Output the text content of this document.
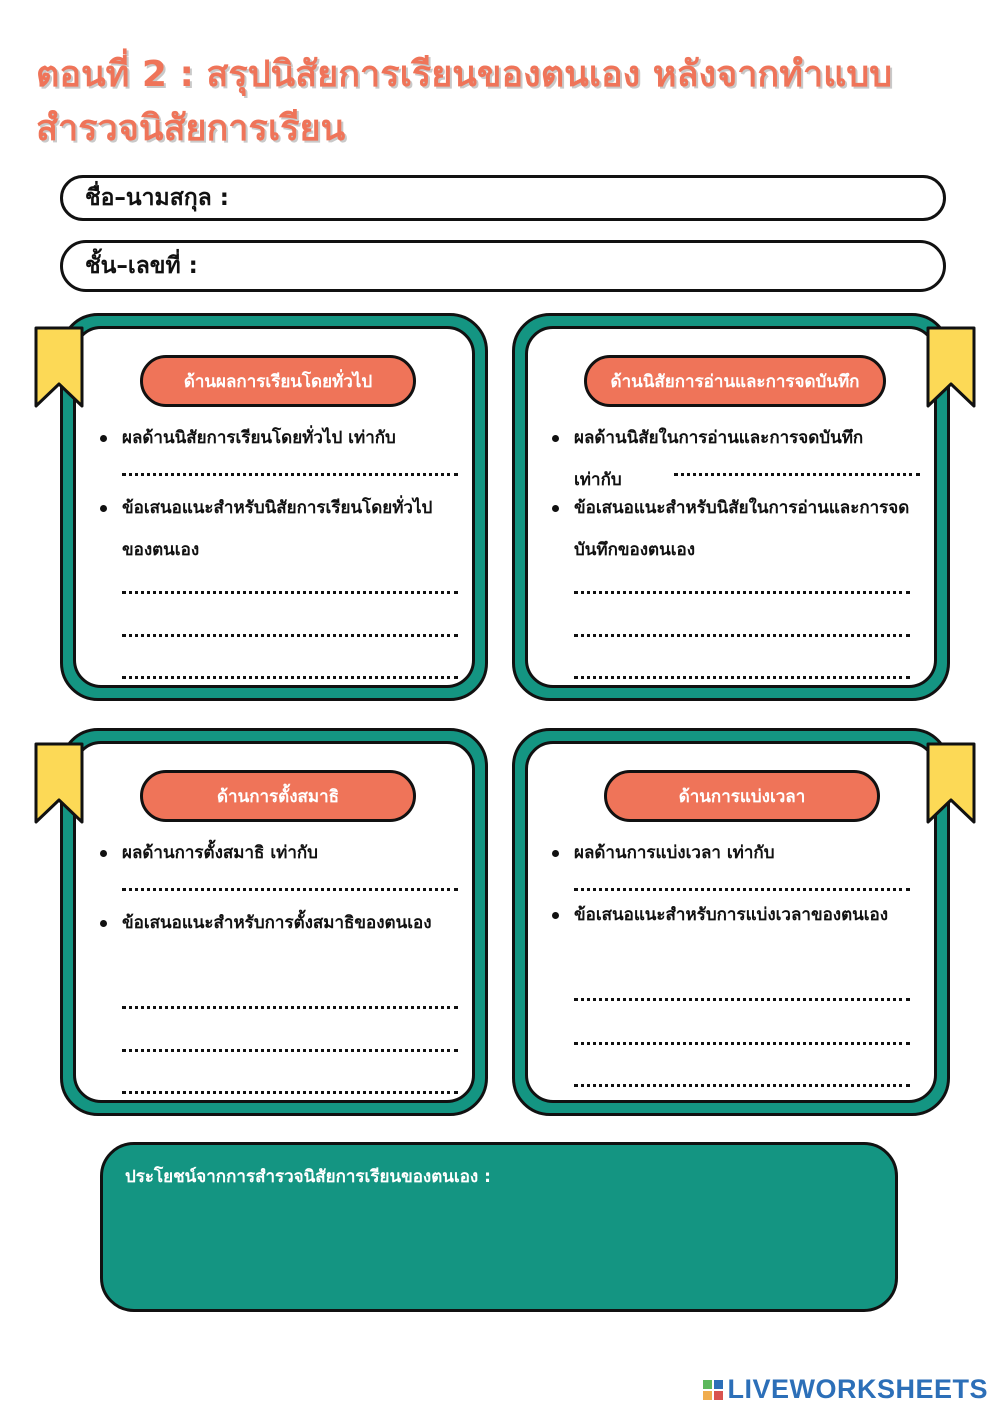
ตอนที่ 2 : สรุปนิสัยการเรียนของตนเอง หลังจากทำแบบสำรวจนิสัยการเรียน
ชื่อ–นามสกุล :
ชั้น–เลขที่ :
ด้านผลการเรียนโดยทั่วไป
ผลด้านนิสัยการเรียนโดยทั่วไป เท่ากับ
ข้อเสนอแนะสำหรับนิสัยการเรียนโดยทั่วไปของตนเอง
ด้านนิสัยการอ่านและการจดบันทึก
ผลด้านนิสัยในการอ่านและการจดบันทึก เท่ากับ
ข้อเสนอแนะสำหรับนิสัยในการอ่านและการจดบันทึกของตนเอง
ด้านการตั้งสมาธิ
ผลด้านการตั้งสมาธิ เท่ากับ
ข้อเสนอแนะสำหรับการตั้งสมาธิของตนเอง
ด้านการแบ่งเวลา
ผลด้านการแบ่งเวลา เท่ากับ
ข้อเสนอแนะสำหรับการแบ่งเวลาของตนเอง
ประโยชน์จากการสำรวจนิสัยการเรียนของตนเอง :
LIVEWORKSHEETS
